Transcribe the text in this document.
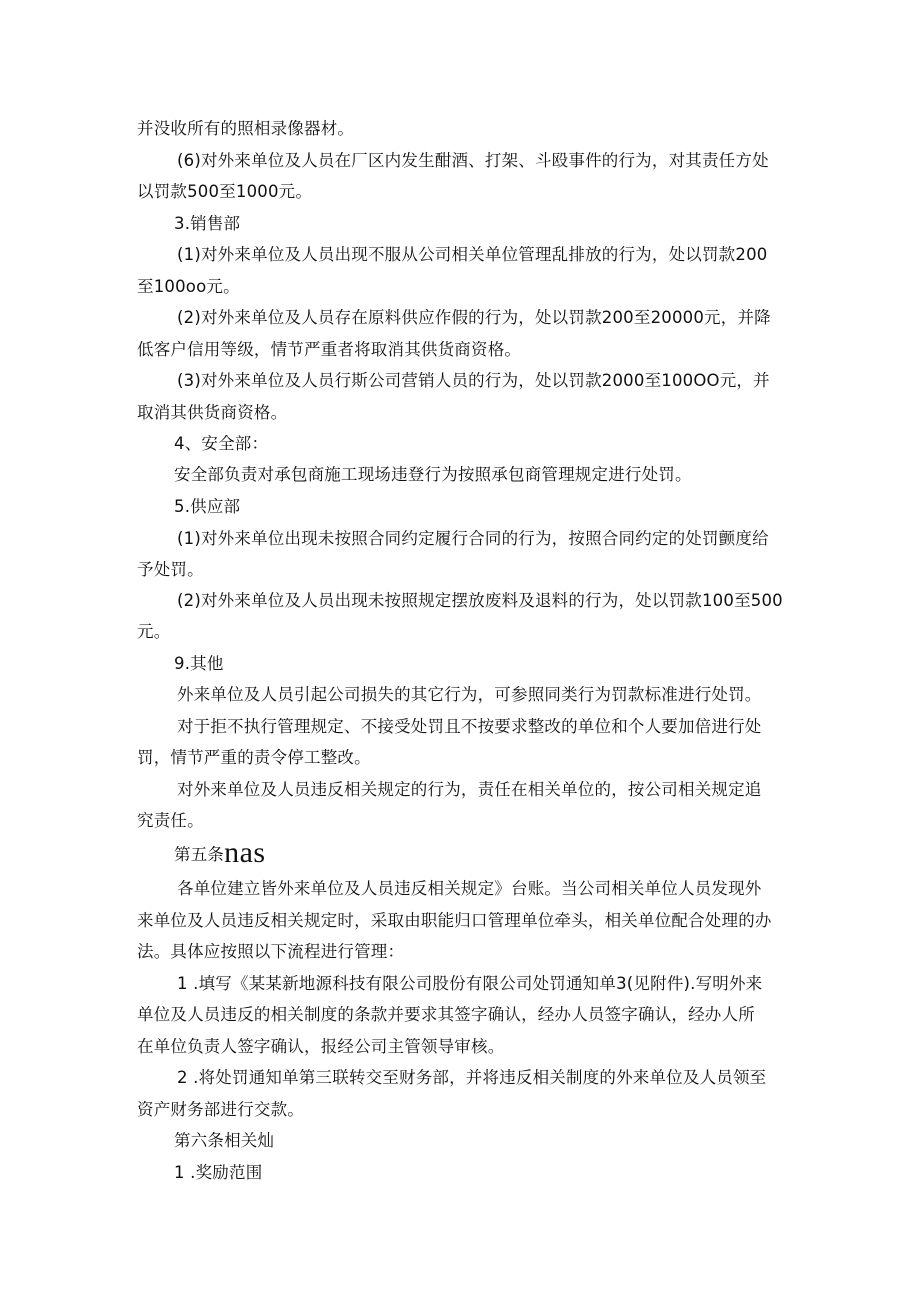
并没收所有的照相录像器材。
(6)对外来单位及人员在厂区内发生酣酒、打架、斗殴事件的行为，对其责任方处
以罚款500至1000元。
3.销售部
(1)对外来单位及人员出现不服从公司相关单位管理乱排放的行为，处以罚款200
至100oo元。
(2)对外来单位及人员存在原料供应作假的行为，处以罚款200至20000元，并降
低客户信用等级，情节严重者将取消其供货商资格。
(3)对外来单位及人员行斯公司营销人员的行为，处以罚款2000至100OO元，并
取消其供货商资格。
4、安全部：
安全部负责对承包商施工现场违登行为按照承包商管理规定进行处罚。
5.供应部
(1)对外来单位出现未按照合同约定履行合同的行为，按照合同约定的处罚颤度给
予处罚。
(2)对外来单位及人员出现未按照规定摆放废料及退料的行为，处以罚款100至500
元。
9.其他
外来单位及人员引起公司损失的其它行为，可参照同类行为罚款标准进行处罚。
对于拒不执行管理规定、不接受处罚且不按要求整改的单位和个人要加倍进行处
罚，情节严重的责令停工整改。
对外来单位及人员违反相关规定的行为，责任在相关单位的，按公司相关规定追
究责任。
第五条nas
各单位建立皆外来单位及人员违反相关规定》台账。当公司相关单位人员发现外
来单位及人员违反相关规定时，采取由职能归口管理单位牵头，相关单位配合处理的办
法。具体应按照以下流程进行管理：
1 .填写《某某新地源科技有限公司股份有限公司处罚通知单3(见附件).写明外来
单位及人员违反的相关制度的条款并要求其签字确认，经办人员签字确认，经办人所
在单位负责人签字确认，报经公司主管领导审核。
2 .将处罚通知单第三联转交至财务部，并将违反相关制度的外来单位及人员领至
资产财务部进行交款。
第六条相关灿
1 .奖励范围
